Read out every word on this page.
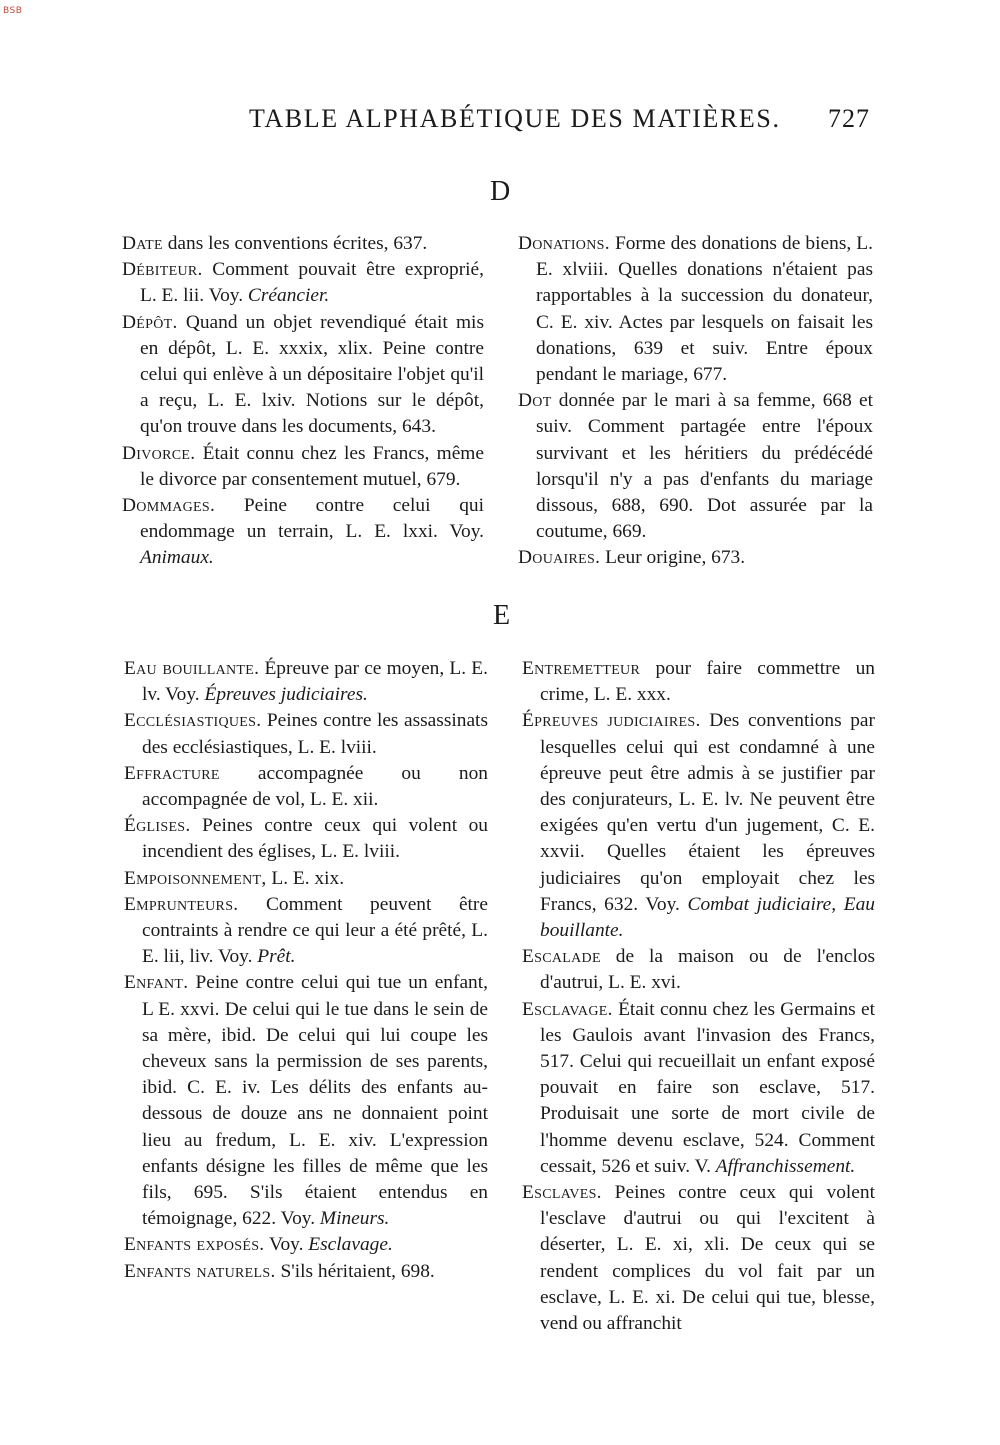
BSB
TABLE ALPHABÉTIQUE DES MATIÈRES. 727
D

Date dans les conventions écrites, 637.

Débiteur. Comment pouvait être exproprié, L. E. lii. Voy. Créancier.

Dépôt. Quand un objet revendiqué était mis en dépôt, L. E. xxxix, xlix. Peine contre celui qui enlève à un dépositaire l'objet qu'il a reçu, L. E. lxiv. Notions sur le dépôt, qu'on trouve dans les documents, 643.

Divorce. Était connu chez les Francs, même le divorce par consentement mutuel, 679.

Dommages. Peine contre celui qui endommage un terrain, L. E. lxxi. Voy. Animaux.

Donations. Forme des donations de biens, L. E. xlviii. Quelles donations n'étaient pas rapportables à la succession du donateur, C. E. xiv. Actes par lesquels on faisait les donations, 639 et suiv. Entre époux pendant le mariage, 677.

Dot donnée par le mari à sa femme, 668 et suiv. Comment partagée entre l'époux survivant et les héritiers du prédécédé lorsqu'il n'y a pas d'enfants du mariage dissous, 688, 690. Dot assurée par la coutume, 669.

Douaires. Leur origine, 673.

E

Eau bouillante. Épreuve par ce moyen, L. E. lv. Voy. Épreuves judiciaires.

Ecclésiastiques. Peines contre les assassinats des ecclésiastiques, L. E. lviii.

Effracture accompagnée ou non accompagnée de vol, L. E. xii.

Églises. Peines contre ceux qui volent ou incendient des églises, L. E. lviii.

Empoisonnement, L. E. xix.

Emprunteurs. Comment peuvent être contraints à rendre ce qui leur a été prêté, L. E. lii, liv. Voy. Prêt.

Enfant. Peine contre celui qui tue un enfant, L E. xxvi. De celui qui le tue dans le sein de sa mère, ibid. De celui qui lui coupe les cheveux sans la permission de ses parents, ibid. C. E. iv. Les délits des enfants au-dessous de douze ans ne donnaient point lieu au fredum, L. E. xiv. L'expression enfants désigne les filles de même que les fils, 695. S'ils étaient entendus en témoignage, 622. Voy. Mineurs.

Enfants exposés. Voy. Esclavage.

Enfants naturels. S'ils héritaient, 698.

Entremetteur pour faire commettre un crime, L. E. xxx.

Épreuves judiciaires. Des conventions par lesquelles celui qui est condamné à une épreuve peut être admis à se justifier par des conjurateurs, L. E. lv. Ne peuvent être exigées qu'en vertu d'un jugement, C. E. xxvii. Quelles étaient les épreuves judiciaires qu'on employait chez les Francs, 632. Voy. Combat judiciaire, Eau bouillante.

Escalade de la maison ou de l'enclos d'autrui, L. E. xvi.

Esclavage. Était connu chez les Germains et les Gaulois avant l'invasion des Francs, 517. Celui qui recueillait un enfant exposé pouvait en faire son esclave, 517. Produisait une sorte de mort civile de l'homme devenu esclave, 524. Comment cessait, 526 et suiv. V. Affranchissement.

Esclaves. Peines contre ceux qui volent l'esclave d'autrui ou qui l'excitent à déserter, L. E. xi, xli. De ceux qui se rendent complices du vol fait par un esclave, L. E. xi. De celui qui tue, blesse, vend ou affranchit
